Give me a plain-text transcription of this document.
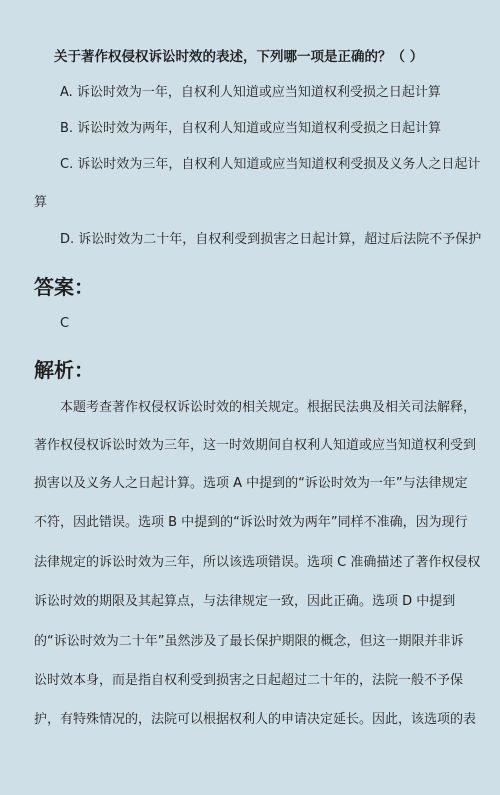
关于著作权侵权诉讼时效的表述，下列哪一项是正确的？（ ）
A. 诉讼时效为一年，自权利人知道或应当知道权利受损之日起计算
B. 诉讼时效为两年，自权利人知道或应当知道权利受损之日起计算
C. 诉讼时效为三年，自权利人知道或应当知道权利受损及义务人之日起计
算
D. 诉讼时效为二十年，自权利受到损害之日起计算，超过后法院不予保护
答案：
C
解析：
本题考查著作权侵权诉讼时效的相关规定。根据民法典及相关司法解释，
著作权侵权诉讼时效为三年，这一时效期间自权利人知道或应当知道权利受到
损害以及义务人之日起计算。选项 A 中提到的“诉讼时效为一年”与法律规定
不符，因此错误。选项 B 中提到的“诉讼时效为两年”同样不准确，因为现行
法律规定的诉讼时效为三年，所以该选项错误。选项 C 准确描述了著作权侵权
诉讼时效的期限及其起算点，与法律规定一致，因此正确。选项 D 中提到
的“诉讼时效为二十年”虽然涉及了最长保护期限的概念，但这一期限并非诉
讼时效本身，而是指自权利受到损害之日起超过二十年的，法院一般不予保
护，有特殊情况的，法院可以根据权利人的申请决定延长。因此，该选项的表
